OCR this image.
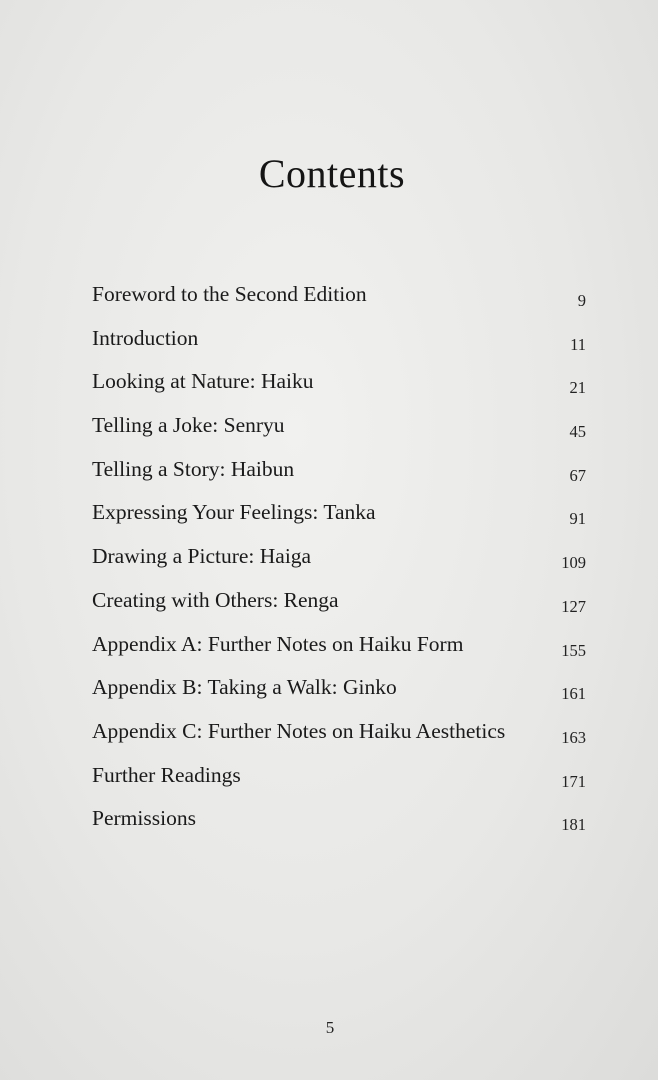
Contents
Foreword to the Second Edition	9
Introduction	11
Looking at Nature: Haiku	21
Telling a Joke: Senryu	45
Telling a Story: Haibun	67
Expressing Your Feelings: Tanka	91
Drawing a Picture: Haiga	109
Creating with Others: Renga	127
Appendix A: Further Notes on Haiku Form	155
Appendix B: Taking a Walk: Ginko	161
Appendix C: Further Notes on Haiku Aesthetics	163
Further Readings	171
Permissions	181
5
